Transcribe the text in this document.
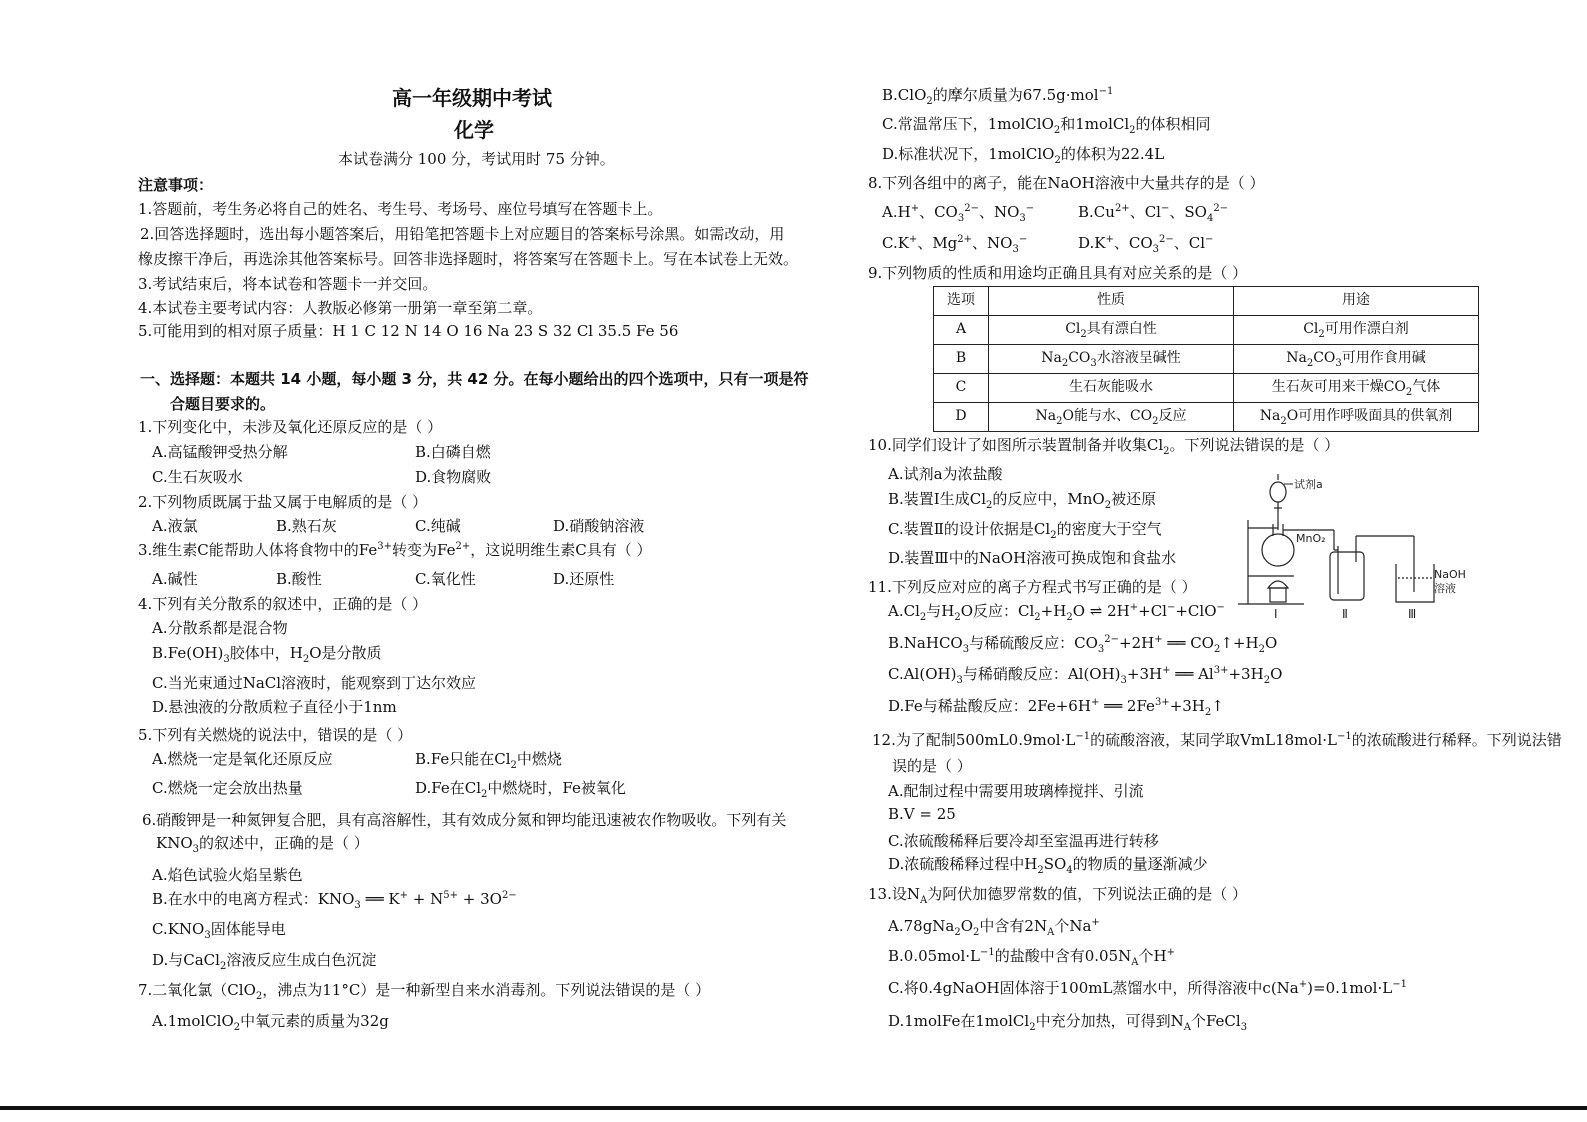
高一年级期中考试
化学
本试卷满分 100 分，考试用时 75 分钟。
注意事项：
1.答题前，考生务必将自己的姓名、考生号、考场号、座位号填写在答题卡上。
2.回答选择题时，选出每小题答案后，用铅笔把答题卡上对应题目的答案标号涂黑。如需改动，用
橡皮擦干净后，再选涂其他答案标号。回答非选择题时，将答案写在答题卡上。写在本试卷上无效。
3.考试结束后，将本试卷和答题卡一并交回。
4.本试卷主要考试内容：人教版必修第一册第一章至第二章。
5.可能用到的相对原子质量：H 1 C 12 N 14 O 16 Na 23 S 32 Cl 35.5 Fe 56
一、选择题：本题共 14 小题，每小题 3 分，共 42 分。在每小题给出的四个选项中，只有一项是符
合题目要求的。
1.下列变化中，未涉及氧化还原反应的是（ ）
A.高锰酸钾受热分解	B.白磷自燃
C.生石灰吸水	D.食物腐败
2.下列物质既属于盐又属于电解质的是（ ）
A.液氯	B.熟石灰	C.纯碱	D.硝酸钠溶液
3.维生素C能帮助人体将食物中的$Fe^{3+}$转变为$Fe^{2+}$，这说明维生素C具有（ ）
A.碱性	B.酸性	C.氧化性	D.还原性
4.下列有关分散系的叙述中，正确的是（ ）
A.分散系都是混合物
$B.Fe(OH)_3$胶体中，$H_2O$是分散质
C.当光束通过NaCl溶液时，能观察到丁达尔效应
D.悬浊液的分散质粒子直径小于1nm
5.下列有关燃烧的说法中，错误的是（ ）
A.燃烧一定是氧化还原反应	B.Fe只能在$Cl_2$中燃烧
C.燃烧一定会放出热量	D.Fe在$Cl_2$中燃烧时，Fe被氧化
6.硝酸钾是一种氮钾复合肥，具有高溶解性，其有效成分氮和钾均能迅速被农作物吸收。下列有关
$KNO_3$的叙述中，正确的是（ ）
A.焰色试验火焰呈紫色
B.在水中的电离方程式：$KNO_3$ ══ $K^+ + N^{5+} + 3O^{2-}$
$C.KNO_3$固体能导电
D.与CaCl$_2$溶液反应生成白色沉淀
7.二氧化氯（ClO$_2$，沸点为11°C）是一种新型自来水消毒剂。下列说法错误的是（ ）
A.1molClO$_2$中氧元素的质量为32g
B.ClO$_2$的摩尔质量为67.5g·mol$^{-1}$
C.常温常压下，1molClO$_2$和1molCl$_2$的体积相同
D.标准状况下，1molClO$_2$的体积为22.4L
8.下列各组中的离子，能在NaOH溶液中大量共存的是（ ）
A.H+、$CO_3^{2-}$、$NO_3^-$	$B.Cu^{2+}$、Cl−、$SO_4^{2-}$
C.K+、$Mg^{2+}$、$NO_3^-$	D.K+、$CO_3^{2-}$、Cl−
9.下列物质的性质和用途均正确且具有对应关系的是（ ）
选项	性质	用途
A	$Cl_2$具有漂白性	$Cl_2$可用作漂白剂
B	$Na_2CO_3$水溶液呈碱性	$Na_2CO_3$可用作食用碱
C	生石灰能吸水	生石灰可用来干燥$CO_2$气体
D	$Na_2O$能与水、$CO_2$反应	$Na_2O$可用作呼吸面具的供氧剂
10.同学们设计了如图所示装置制备并收集$Cl_2$。下列说法错误的是（ ）
A.试剂a为浓盐酸
B.装置Ⅰ生成$Cl_2$的反应中，MnO$_2$被还原
C.装置Ⅱ的设计依据是$Cl_2$的密度大于空气
D.装置Ⅲ中的NaOH溶液可换成饱和食盐水
试剂a
MnO₂
NaOH
溶液
Ⅰ	Ⅱ	Ⅲ
11.下列反应对应的离子方程式书写正确的是（ ）
$A.Cl_2$与$H_2O$反应：$Cl_2+H_2O$ ⇌ 2H++Cl−+ClO−
B.NaHCO$_3$与稀硫酸反应：$CO_3^{2-}+2H^+$ ══ $CO_2↑+H_2O$
$C.Al(OH)_3$与稀硝酸反应：$Al(OH)_3+3H^+$ ══ $Al^{3+}+3H_2O$
D.Fe与稀盐酸反应：2Fe+6H+ ══ $2Fe^{3+}+3H_2↑$
12.为了配制$500mL0.9mol\cdot L^{-1}$的硫酸溶液，某同学取$VmL18mol\cdot L^{-1}$的浓硫酸进行稀释。下列说法错
误的是（ ）
A.配制过程中需要用玻璃棒搅拌、引流
B.V = 25
C.浓硫酸稀释后要冷却至室温再进行转移
D.浓硫酸稀释过程中$H_2SO_4$的物质的量逐渐减少
13.设$N_A$为阿伏加德罗常数的值，下列说法正确的是（ ）
$A.78gNa_2O_2$中含有$2N_A$个Na+
$B.0.05mol\cdot L^{-1}$的盐酸中含有$0.05N_A$个H+
C.将0.4gNaOH固体溶于100mL蒸馏水中，所得溶液中$c(Na^+)=0.1mol\cdot L^{-1}$
D.1molFe在1molCl$_2$中充分加热，可得到$N_A$个FeCl$_3$
